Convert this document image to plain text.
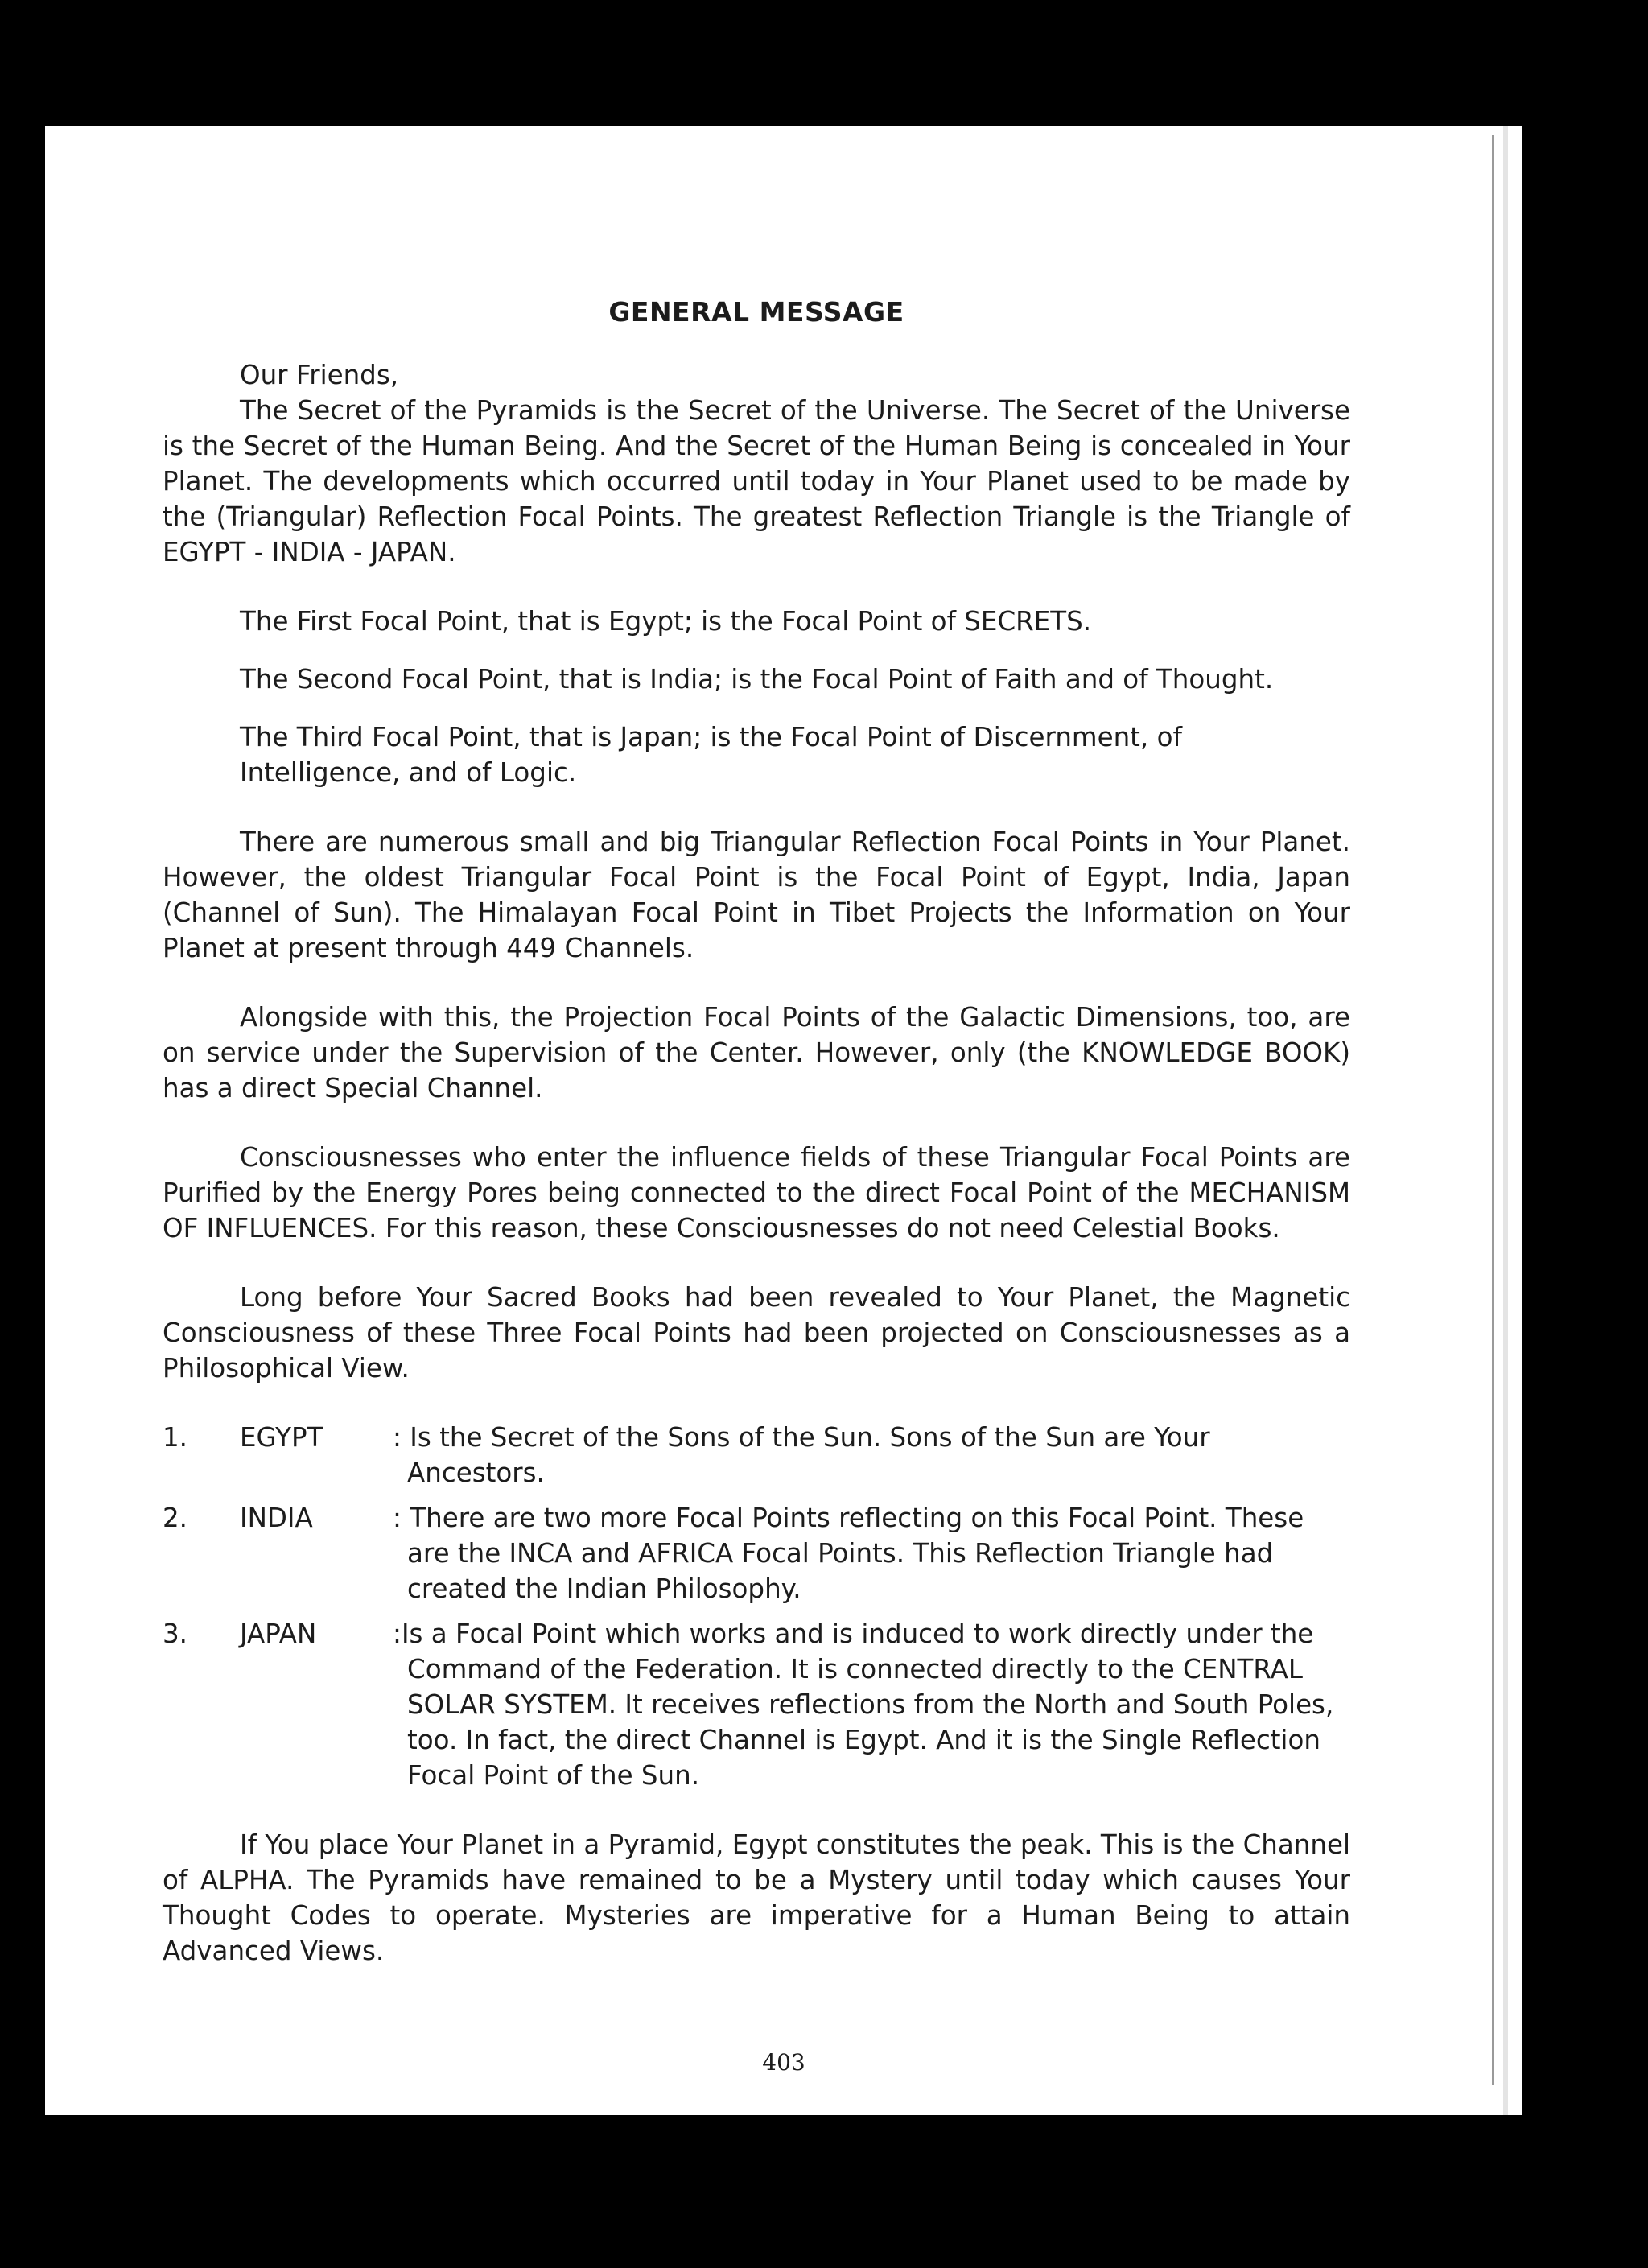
GENERAL MESSAGE

Our Friends,

The Secret of the Pyramids is the Secret of the Universe. The Secret of the Universe is the Secret of the Human Being. And the Secret of the Human Being is concealed in Your Planet. The developments which occurred until today in Your Planet used to be made by the (Triangular) Reflection Focal Points. The greatest Reflection Triangle is the Triangle of EGYPT - INDIA - JAPAN.

The First Focal Point, that is Egypt; is the Focal Point of SECRETS.

The Second Focal Point, that is India; is the Focal Point of Faith and of Thought.

The Third Focal Point, that is Japan; is the Focal Point of Discernment, of Intelligence, and of Logic.

There are numerous small and big Triangular Reflection Focal Points in Your Planet. However, the oldest Triangular Focal Point is the Focal Point of Egypt, India, Japan (Channel of Sun). The Himalayan Focal Point in Tibet Projects the Information on Your Planet at present through 449 Channels.

Alongside with this, the Projection Focal Points of the Galactic Dimensions, too, are on service under the Supervision of the Center. However, only (the KNOWLEDGE BOOK) has a direct Special Channel.

Consciousnesses who enter the influence fields of these Triangular Focal Points are Purified by the Energy Pores being connected to the direct Focal Point of the MECHANISM OF INFLUENCES. For this reason, these Consciousnesses do not need Celestial Books.

Long before Your Sacred Books had been revealed to Your Planet, the Magnetic Consciousness of these Three Focal Points had been projected on Consciousnesses as a Philosophical View.

1.	EGYPT	: Is the Secret of the Sons of the Sun. Sons of the Sun are Your Ancestors.
2.	INDIA	: There are two more Focal Points reflecting on this Focal Point. These are the INCA and AFRICA Focal Points. This Reflection Triangle had created the Indian Philosophy.
3.	JAPAN	:Is a Focal Point which works and is induced to work directly under the Command of the Federation. It is connected directly to the CENTRAL SOLAR SYSTEM. It receives reflections from the North and South Poles, too. In fact, the direct Channel is Egypt. And it is the Single Reflection Focal Point of the Sun.

If You place Your Planet in a Pyramid, Egypt constitutes the peak. This is the Channel of ALPHA. The Pyramids have remained to be a Mystery until today which causes Your Thought Codes to operate. Mysteries are imperative for a Human Being to attain Advanced Views.

403
